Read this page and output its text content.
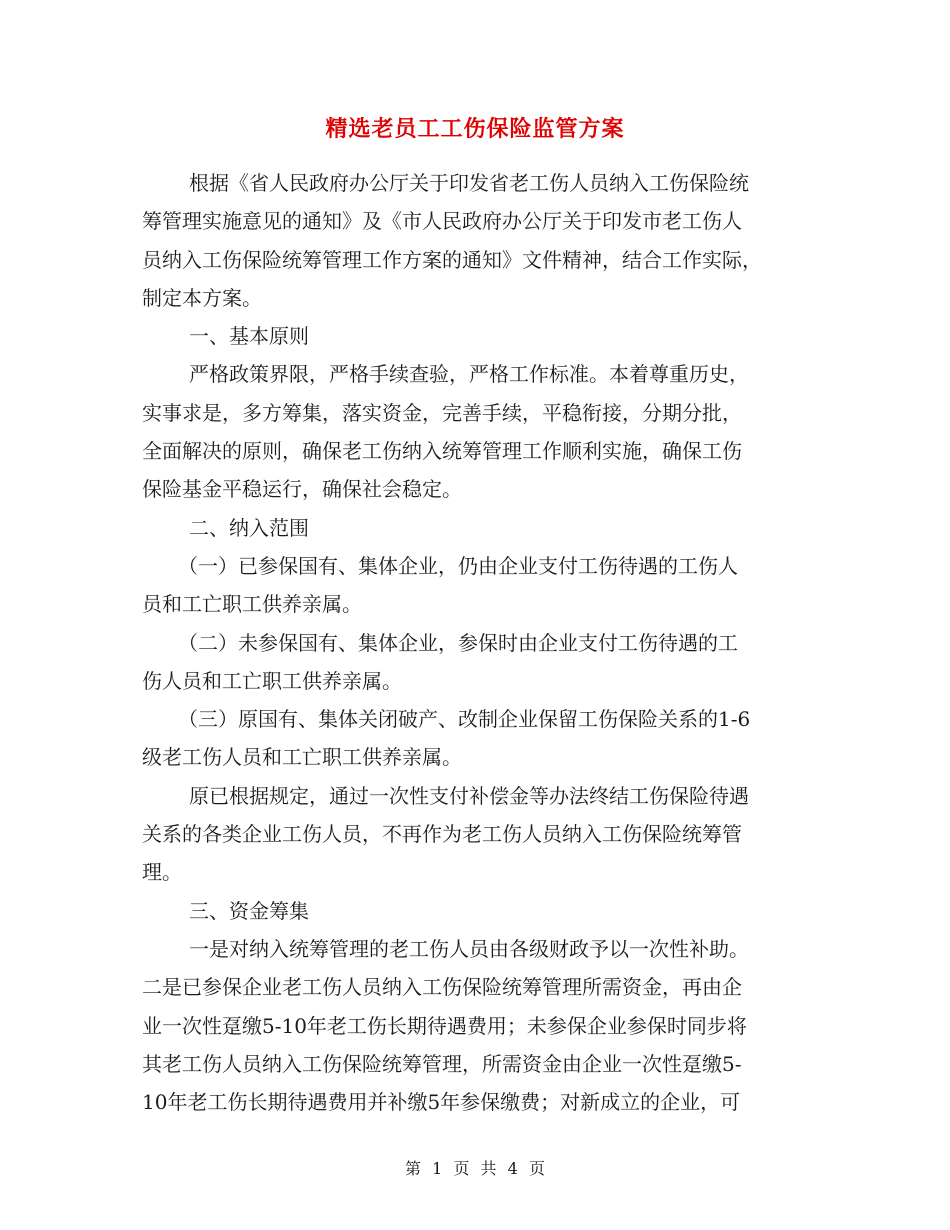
精选老员工工伤保险监管方案
根据《省人民政府办公厅关于印发省老工伤人员纳入工伤保险统
筹管理实施意见的通知》及《市人民政府办公厅关于印发市老工伤人
员纳入工伤保险统筹管理工作方案的通知》文件精神，结合工作实际，
制定本方案。
一、基本原则
严格政策界限，严格手续查验，严格工作标准。本着尊重历史，
实事求是，多方筹集，落实资金，完善手续，平稳衔接，分期分批，
全面解决的原则，确保老工伤纳入统筹管理工作顺利实施，确保工伤
保险基金平稳运行，确保社会稳定。
二、纳入范围
（一）已参保国有、集体企业，仍由企业支付工伤待遇的工伤人
员和工亡职工供养亲属。
（二）未参保国有、集体企业，参保时由企业支付工伤待遇的工
伤人员和工亡职工供养亲属。
（三）原国有、集体关闭破产、改制企业保留工伤保险关系的1-6
级老工伤人员和工亡职工供养亲属。
原已根据规定，通过一次性支付补偿金等办法终结工伤保险待遇
关系的各类企业工伤人员，不再作为老工伤人员纳入工伤保险统筹管
理。
三、资金筹集
一是对纳入统筹管理的老工伤人员由各级财政予以一次性补助。
二是已参保企业老工伤人员纳入工伤保险统筹管理所需资金，再由企
业一次性趸缴5-10年老工伤长期待遇费用；未参保企业参保时同步将
其老工伤人员纳入工伤保险统筹管理，所需资金由企业一次性趸缴5-
10年老工伤长期待遇费用并补缴5年参保缴费；对新成立的企业，可
第 1 页 共 4 页
